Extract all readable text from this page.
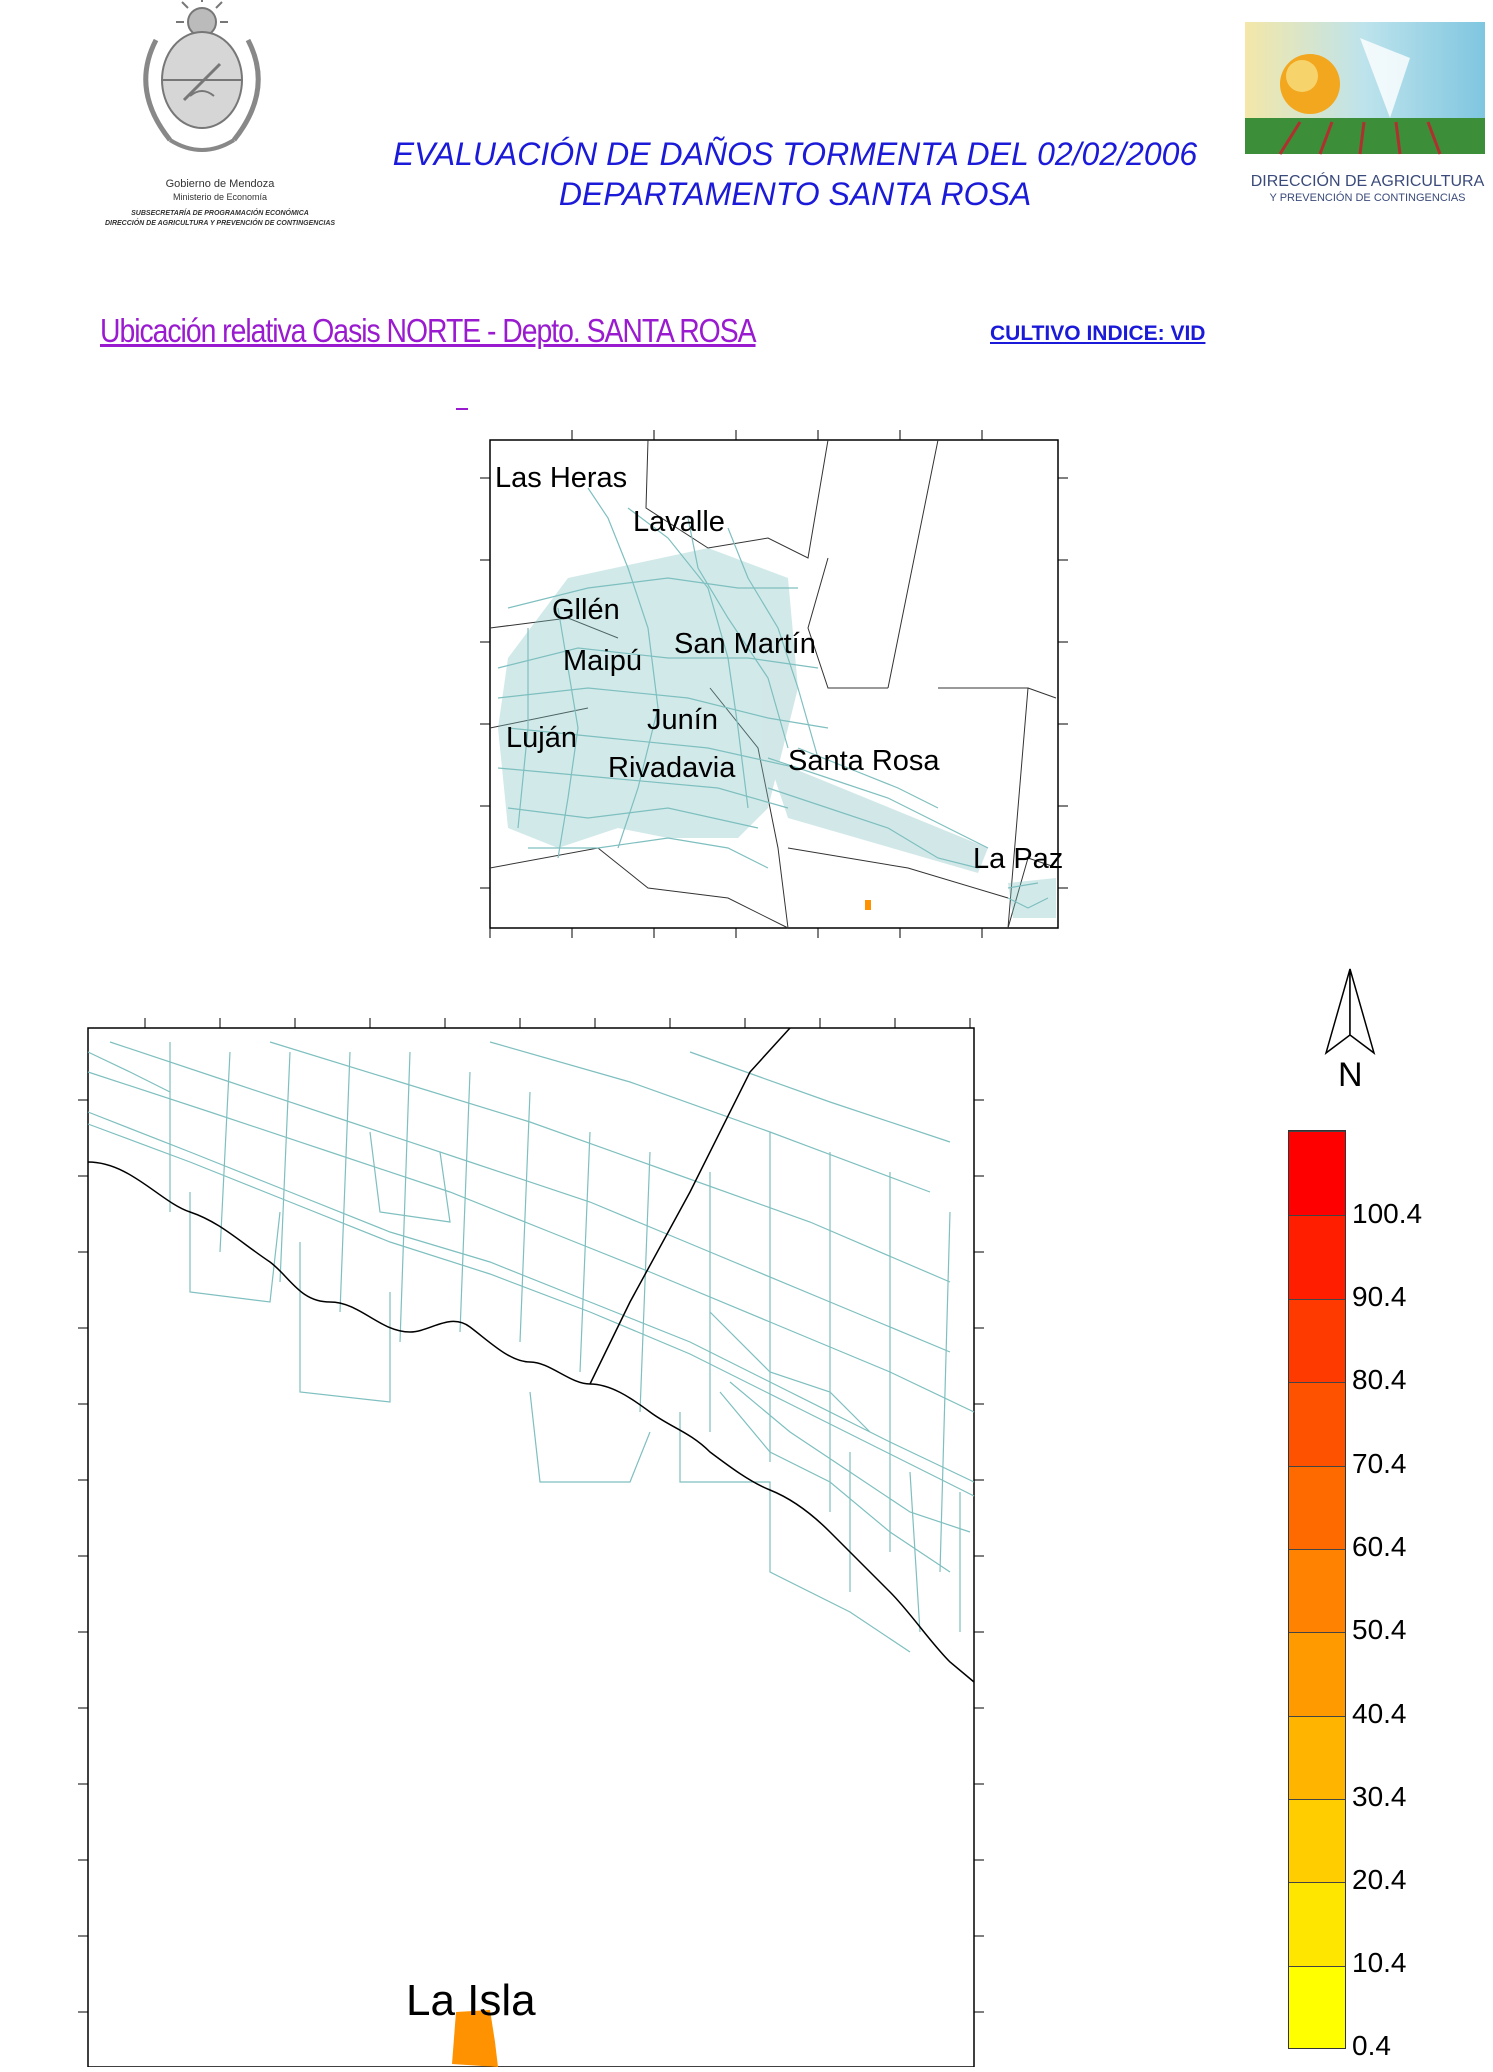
Gobierno de Mendoza
Ministerio de Economía
SUBSECRETARÍA DE PROGRAMACIÓN ECONÓMICA
DIRECCIÓN DE AGRICULTURA Y PREVENCIÓN DE CONTINGENCIAS
EVALUACIÓN DE DAÑOS TORMENTA DEL 02/02/2006
DEPARTAMENTO SANTA ROSA	DIRECCIÓN DE AGRICULTURA
Y PREVENCIÓN DE CONTINGENCIAS
Ubicación relativa Oasis NORTE - Depto. SANTA ROSA	CULTIVO INDICE: VID
Las Heras
Lavalle
Gllén
Maipú
San Martín
Junín
Luján
Rivadavia Santa Rosa
La Paz
La Isla
N
100.4
90.4
80.4
70.4
60.4
50.4
40.4
30.4
20.4
10.4
0.4
